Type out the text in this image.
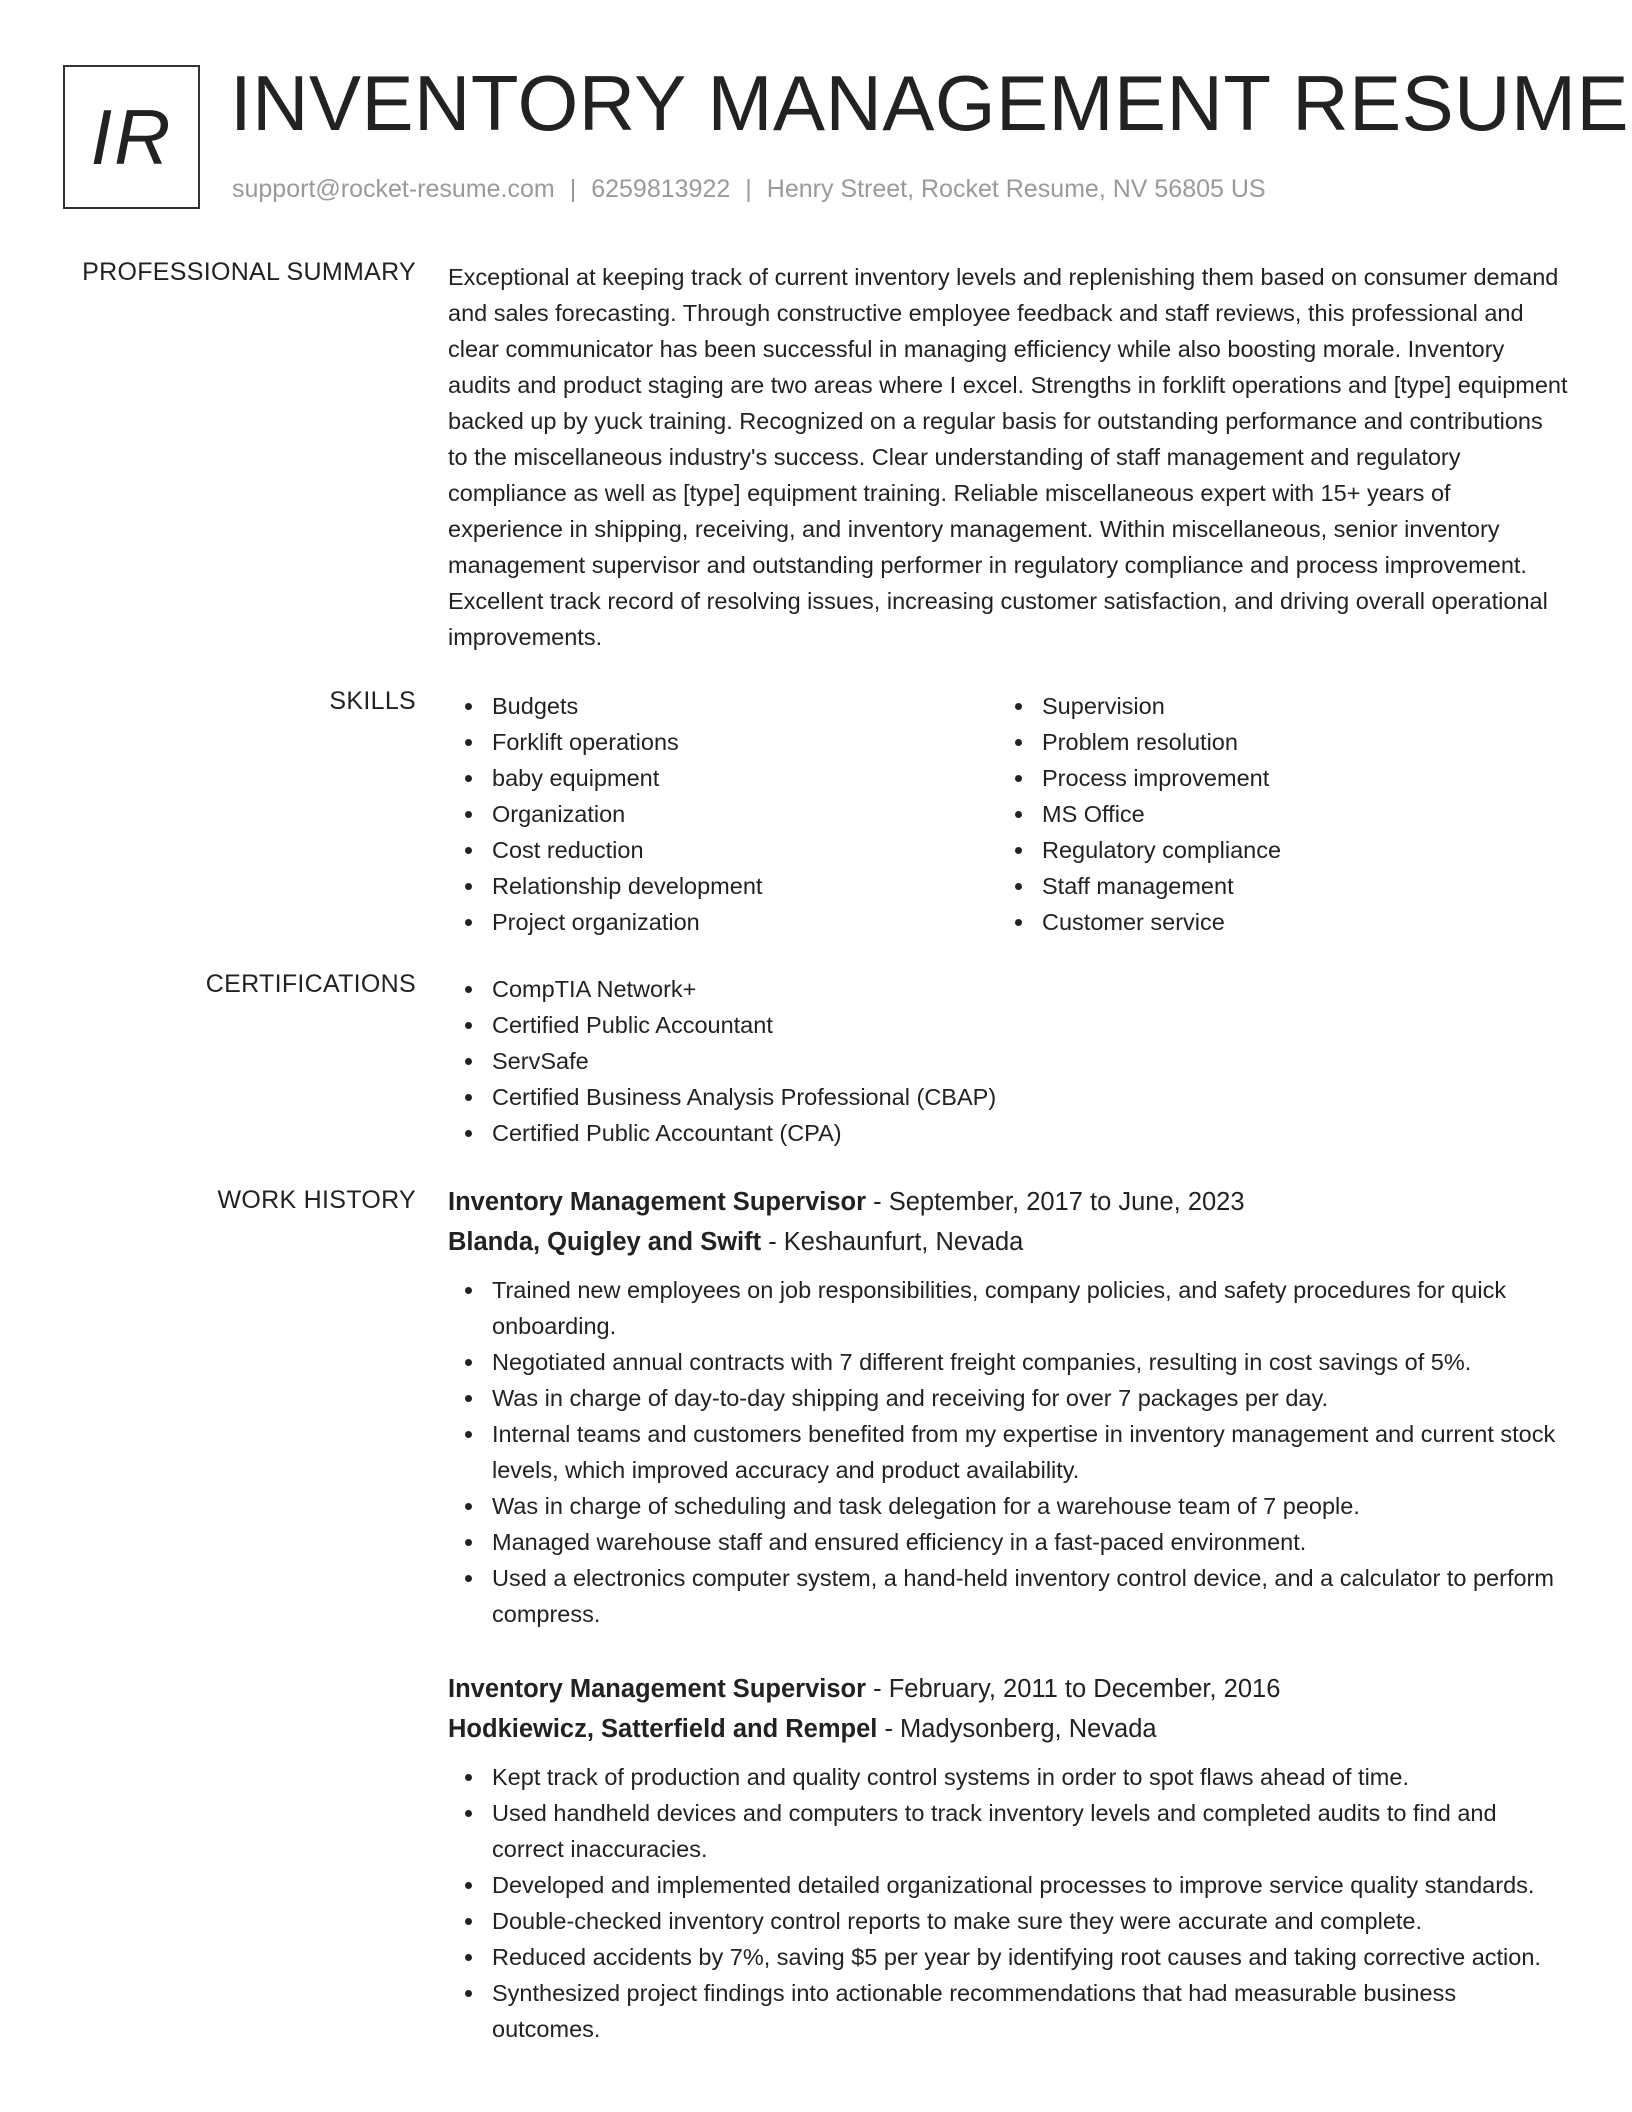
IR INVENTORY MANAGEMENT RESUME
support@rocket-resume.com | 6259813922 | Henry Street, Rocket Resume, NV 56805 US
PROFESSIONAL SUMMARY Exceptional at keeping track of current inventory levels and replenishing them based on consumer demand and sales forecasting. Through constructive employee feedback and staff reviews, this professional and clear communicator has been successful in managing efficiency while also boosting morale. Inventory audits and product staging are two areas where I excel. Strengths in forklift operations and [type] equipment backed up by yuck training. Recognized on a regular basis for outstanding performance and contributions to the miscellaneous industry's success. Clear understanding of staff management and regulatory compliance as well as [type] equipment training. Reliable miscellaneous expert with 15+ years of experience in shipping, receiving, and inventory management. Within miscellaneous, senior inventory management supervisor and outstanding performer in regulatory compliance and process improvement. Excellent track record of resolving issues, increasing customer satisfaction, and driving overall operational improvements.

SKILLS	Budgets
Forklift operations
baby equipment
Organization
Cost reduction
Relationship development
Project organization
Supervision
Problem resolution
Process improvement
MS Office
Regulatory compliance
Staff management
Customer service
CERTIFICATIONS	CompTIA Network+
Certified Public Accountant
ServSafe
Certified Business Analysis Professional (CBAP)
Certified Public Accountant (CPA)
WORK HISTORY Inventory Management Supervisor - September, 2017 to June, 2023
Blanda, Quigley and Swift - Keshaunfurt, Nevada
Trained new employees on job responsibilities, company policies, and safety procedures for quick onboarding.
Negotiated annual contracts with 7 different freight companies, resulting in cost savings of 5%.
Was in charge of day-to-day shipping and receiving for over 7 packages per day.
Internal teams and customers benefited from my expertise in inventory management and current stock levels, which improved accuracy and product availability.
Was in charge of scheduling and task delegation for a warehouse team of 7 people.
Managed warehouse staff and ensured efficiency in a fast-paced environment.
Used a electronics computer system, a hand-held inventory control device, and a calculator to perform compress.
Inventory Management Supervisor - February, 2011 to December, 2016
Hodkiewicz, Satterfield and Rempel - Madysonberg, Nevada
Kept track of production and quality control systems in order to spot flaws ahead of time.
Used handheld devices and computers to track inventory levels and completed audits to find and correct inaccuracies.
Developed and implemented detailed organizational processes to improve service quality standards.
Double-checked inventory control reports to make sure they were accurate and complete.
Reduced accidents by 7%, saving $5 per year by identifying root causes and taking corrective action.
Synthesized project findings into actionable recommendations that had measurable business outcomes.
